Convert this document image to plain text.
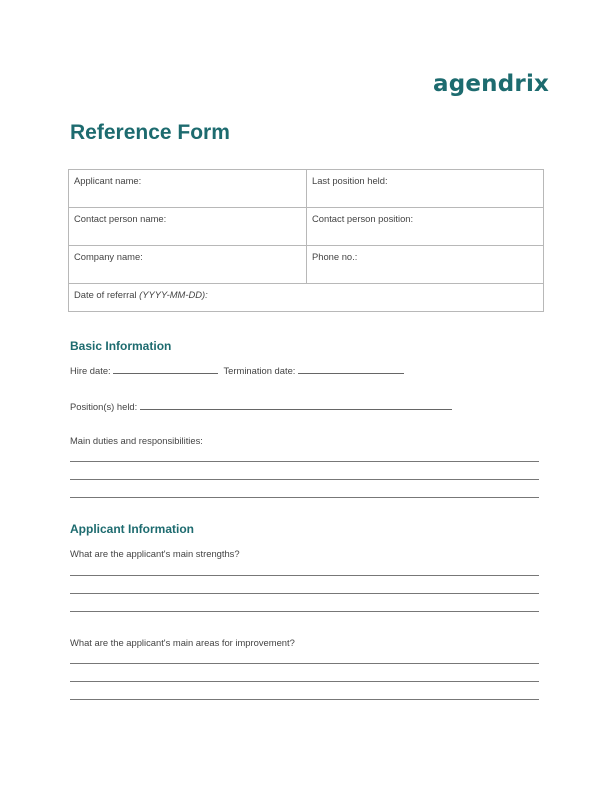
agendrix
Reference Form
Applicant name:	Last position held:
Contact person name:	Contact person position:
Company name:	Phone no.:
Date of referral (YYYY-MM-DD):	
Basic Information
Hire date:	Termination date:
Position(s) held:
Main duties and responsibilities:
Applicant Information
What are the applicant's main strengths?
What are the applicant's main areas for improvement?
